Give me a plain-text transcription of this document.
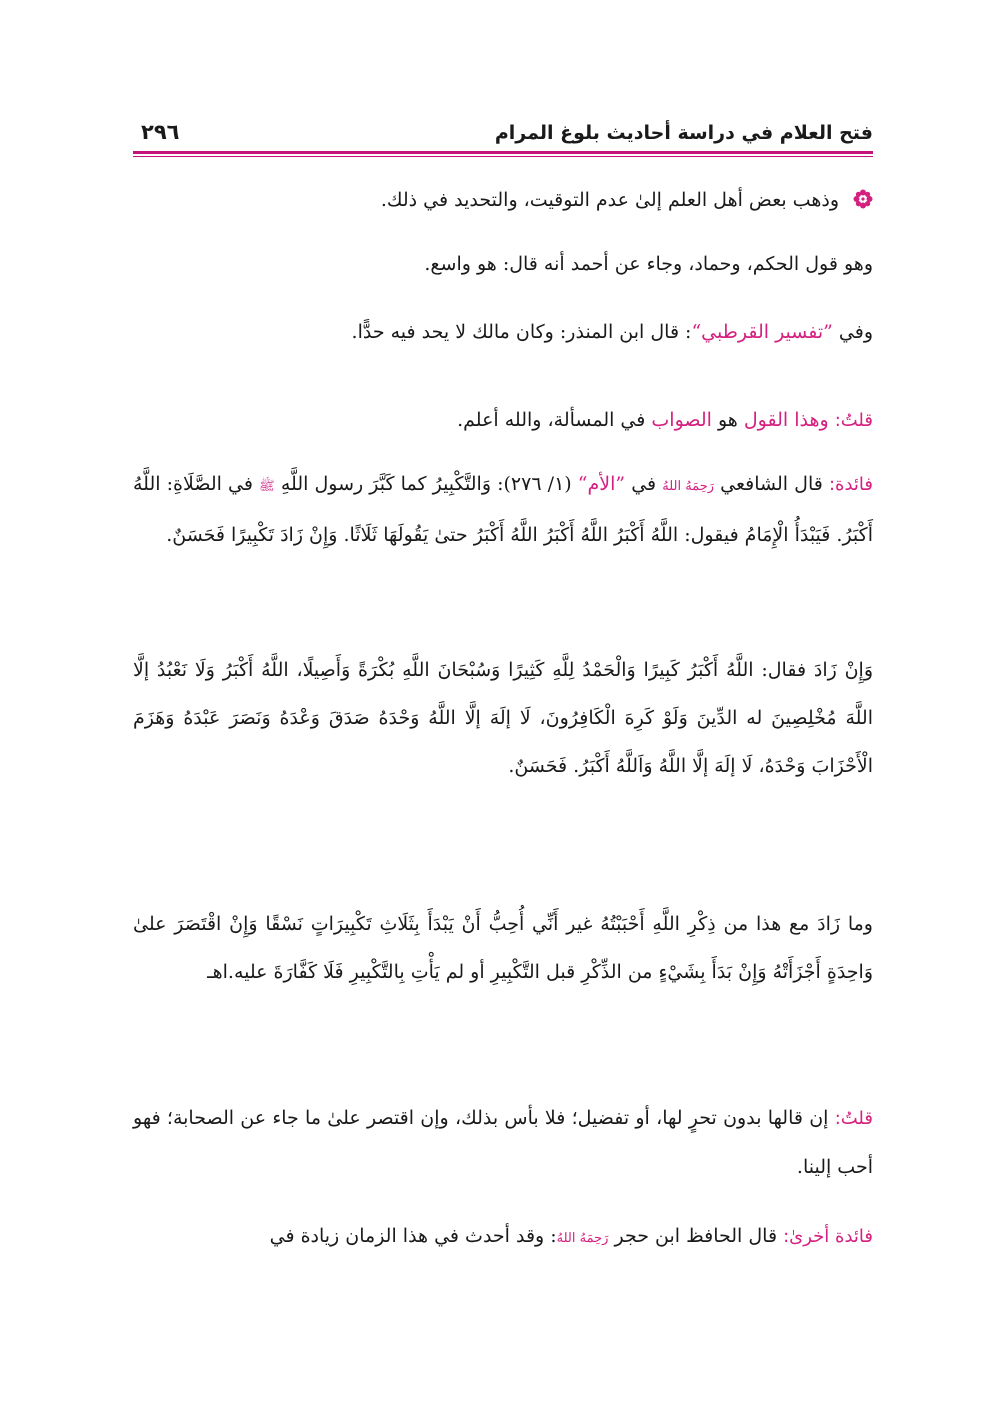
فتح العلام في دراسة أحاديث بلوغ المرام
٢٩٦
وذهب بعض أهل العلم إلىٰ عدم التوقيت، والتحديد في ذلك.
وهو قول الحكم، وحماد، وجاء عن أحمد أنه قال: هو واسع.
وفي ”تفسير القرطبي“: قال ابن المنذر: وكان مالك لا يحد فيه حدًّا.
قلتُ: وهذا القول هو الصواب في المسألة، والله أعلم.
فائدة: قال الشافعي رَحِمَهُ اللهُ في ”الأم“ (١/ ٢٧٦): وَالتَّكْبِيرُ كما كَبَّرَ رسول اللَّهِ ﷺ في الصَّلَاةِ: اللَّهُ أَكْبَرُ. فَيَبْدَأُ الْإِمَامُ فيقول: اللَّهُ أَكْبَرُ اللَّهُ أَكْبَرُ اللَّهُ أَكْبَرُ حتىٰ يَقُولَهَا ثَلَاثًا. وَإِنْ زَادَ تَكْبِيرًا فَحَسَنٌ.
وَإِنْ زَادَ فقال: اللَّهُ أَكْبَرُ كَبِيرًا وَالْحَمْدُ لِلَّهِ كَثِيرًا وَسُبْحَانَ اللَّهِ بُكْرَةً وَأَصِيلًا، اللَّهُ أَكْبَرُ وَلَا نَعْبُدُ إلَّا اللَّهَ مُخْلِصِينَ له الدِّينَ وَلَوْ كَرِهَ الْكَافِرُونَ، لَا إلَهَ إلَّا اللَّهُ وَحْدَهُ صَدَقَ وَعْدَهُ وَنَصَرَ عَبْدَهُ وَهَزَمَ الْأَحْزَابَ وَحْدَهُ، لَا إلَهَ إلَّا اللَّهُ وَاَللَّهُ أَكْبَرُ. فَحَسَنٌ.
وما زَادَ مع هذا من ذِكْرِ اللَّهِ أَحْبَبْتُهُ غير أَنِّي أُحِبُّ أَنْ يَبْدَأَ بِثَلَاثِ تَكْبِيرَاتٍ نَسْقًا وَإِنْ اقْتَصَرَ علىٰ وَاحِدَةٍ أَجْزَأَتْهُ وَإِنْ بَدَأَ بِشَيْءٍ من الذِّكْرِ قبل التَّكْبِيرِ أو لم يَأْتِ بِالتَّكْبِيرِ فَلَا كَفَّارَةَ عليه.اهـ
قلتُ: إن قالها بدون تحرٍ لها، أو تفضيل؛ فلا بأس بذلك، وإن اقتصر علىٰ ما جاء عن الصحابة؛ فهو أحب إلينا.
فائدة أخرىٰ: قال الحافظ ابن حجر رَحِمَهُ اللهُ: وقد أحدث في هذا الزمان زيادة في
